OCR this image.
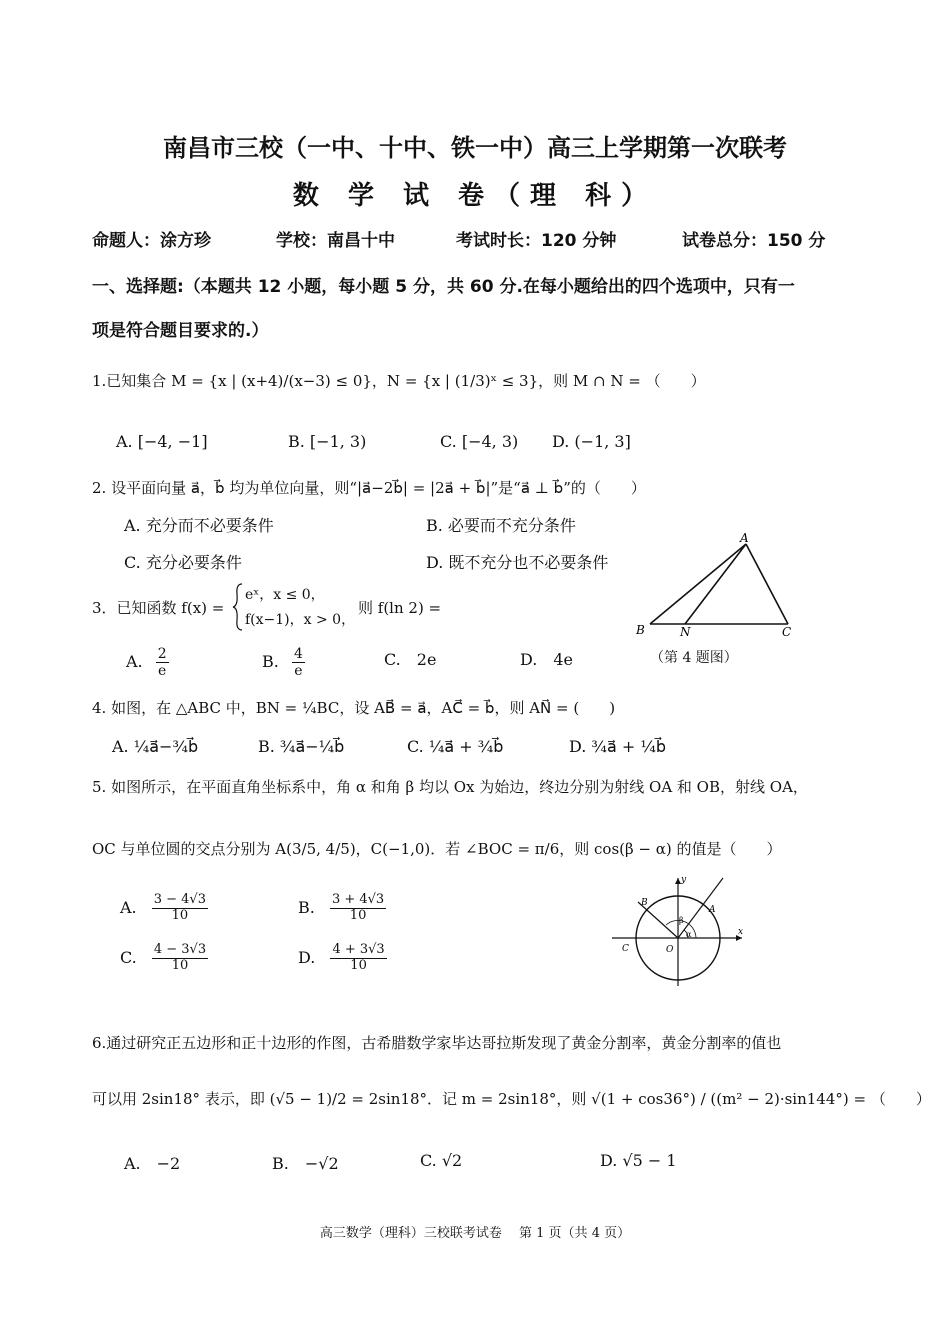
南昌市三校（一中、十中、铁一中）高三上学期第一次联考
数 学 试 卷（理 科）
命题人：涂方珍	学校：南昌十中	考试时长：120 分钟	试卷总分：150 分
一、选择题:（本题共 12 小题，每小题 5 分，共 60 分.在每小题给出的四个选项中，只有一
项是符合题目要求的.）
1.已知集合 M = {x | (x+4)/(x−3) ≤ 0}，N = {x | (1/3)ˣ ≤ 3}，则 M ∩ N = （　　）
A. [−4, −1]	B. [−1, 3)	C. [−4, 3) D. (−1, 3]
2. 设平面向量 a⃗，b⃗ 均为单位向量，则“|a⃗−2b⃗| = |2a⃗ + b⃗|”是“a⃗ ⊥ b⃗”的（　　）
A. 充分而不必要条件	B. 必要而不充分条件
C. 充分必要条件	D. 既不充分也不必要条件
3．已知函数 f(x) =
eˣ，x ≤ 0，
f(x−1)，x > 0，
则 f(ln 2) =
A. $\frac{2}{e}$	B. $\frac{4}{e}$	C.　2e	D.　4e
A
B	N	C
（第 4 题图）
4. 如图，在 △ABC 中，BN = ¼BC，设 AB⃗ = a⃗，AC⃗ = b⃗，则 AN⃗ = (　　)
A. ¼a⃗−¾b⃗	B. ¾a⃗−¼b⃗	C. ¼a⃗ + ¾b⃗	D. ¾a⃗ + ¼b⃗
5. 如图所示，在平面直角坐标系中，角 α 和角 β 均以 Ox 为始边，终边分别为射线 OA 和 OB，射线 OA，
OC 与单位圆的交点分别为 A(3/5, 4/5)，C(−1,0)．若 ∠BOC = π/6，则 cos(β − α) 的值是（　　）
A. $\frac{3 - 4√3}{10}$	B. $\frac{3 + 4√3}{10}$
C. $\frac{4 - 3√3}{10}$	D. $\frac{4 + 3√3}{10}$
x
y
O
C
A
B
α
β
6.通过研究正五边形和正十边形的作图，古希腊数学家毕达哥拉斯发现了黄金分割率，黄金分割率的值也
可以用 2sin18° 表示，即 (√5 − 1)/2 = 2sin18°．记 m = 2sin18°，则 √(1 + cos36°) / ((m² − 2)·sin144°) = （　　）
A.　−2	B.　−√2	C. √2	D. √5 − 1
高三数学（理科）三校联考试卷　 第 1 页（共 4 页）
